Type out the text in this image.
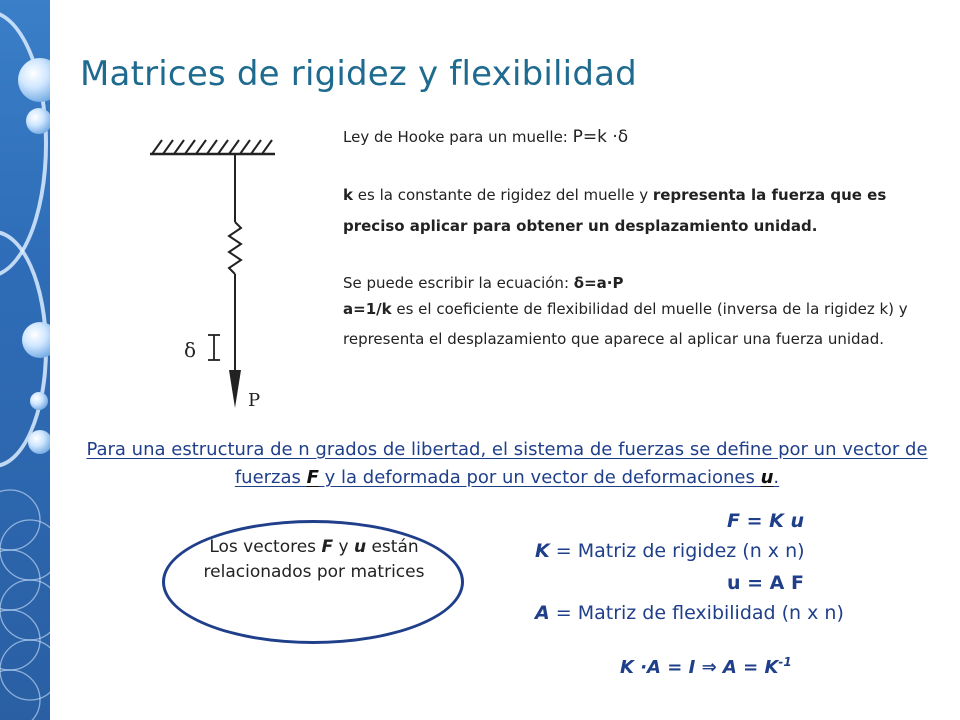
Matrices de rigidez y flexibilidad
δ
P
Ley de Hooke para un muelle: P=k ·δ
k es la constante de rigidez del muelle y representa la fuerza que es preciso aplicar para obtener un desplazamiento unidad.
Se puede escribir la ecuación: δ=a·P
a=1/k es el coeficiente de flexibilidad del muelle (inversa de la rigidez k) y representa el desplazamiento que aparece al aplicar una fuerza unidad.
Para una estructura de n grados de libertad, el sistema de fuerzas se define por un vector de fuerzas F y la deformada por un vector de deformaciones u.
Los vectores F y u están relacionados por matrices
F = K u
K = Matriz de rigidez (n x n)
u = A F
A = Matriz de flexibilidad (n x n)
K ·A = I ⇒ $A = K^{-1}$
